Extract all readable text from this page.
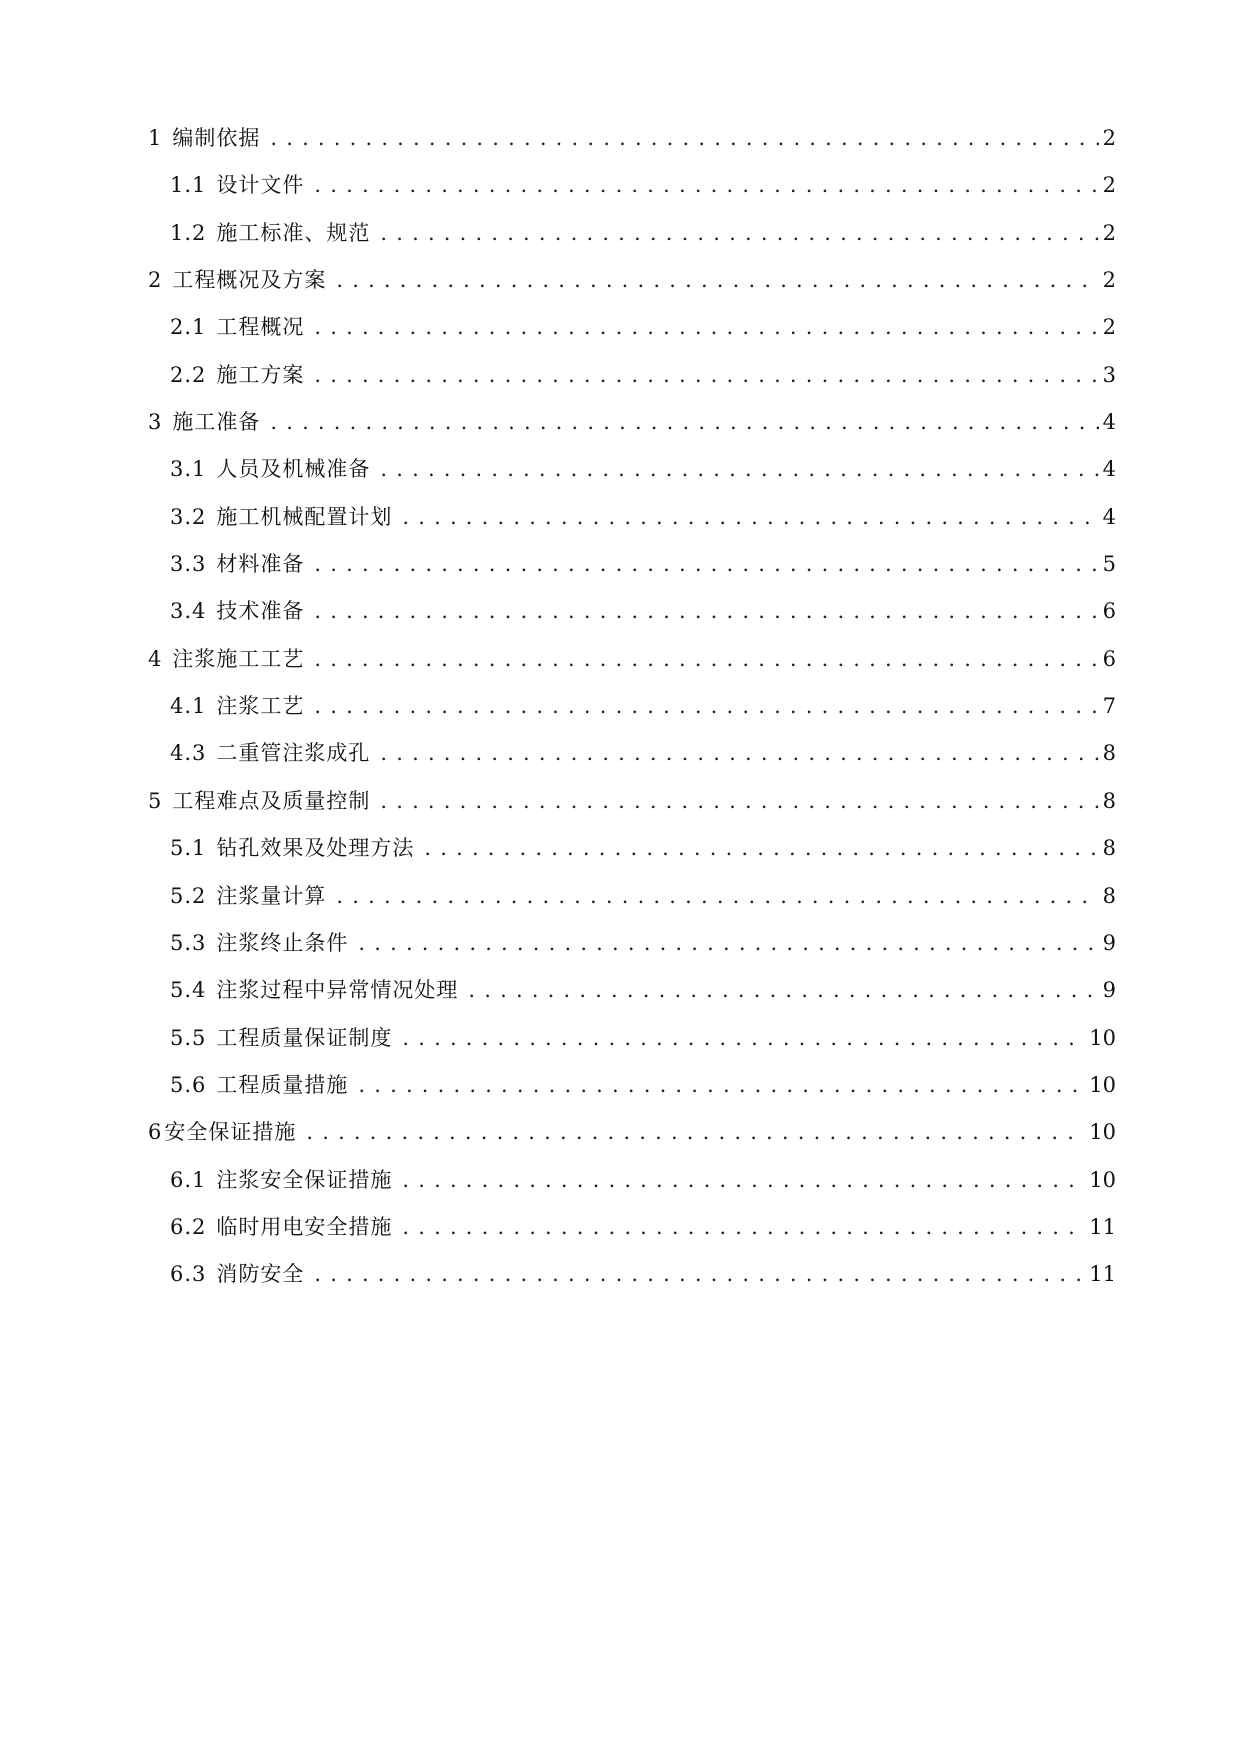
1 编制依据 . . .	2
1.1 设计文件 . . .	2
1.2 施工标准、规范 . . .	2
2 工程概况及方案 . . .	2
2.1 工程概况 . . .	2
2.2 施工方案 . . .	3
3 施工准备 . . .	4
3.1 人员及机械准备 . . .	4
3.2 施工机械配置计划 . . .	4
3.3 材料准备 . . .	5
3.4 技术准备 . . .	6
4 注浆施工工艺 . . .	6
4.1 注浆工艺 . . .	7
4.3 二重管注浆成孔 . . .	8
5 工程难点及质量控制 . . .	8
5.1 钻孔效果及处理方法 . . .	8
5.2 注浆量计算 . . .	8
5.3 注浆终止条件 . . .	9
5.4 注浆过程中异常情况处理 . . .	9
5.5 工程质量保证制度 . . .	10
5.6 工程质量措施 . . .	10
6 安全保证措施 . . .	10
6.1 注浆安全保证措施 . . .	10
6.2 临时用电安全措施 . . .	11
6.3 消防安全 . . .	11
